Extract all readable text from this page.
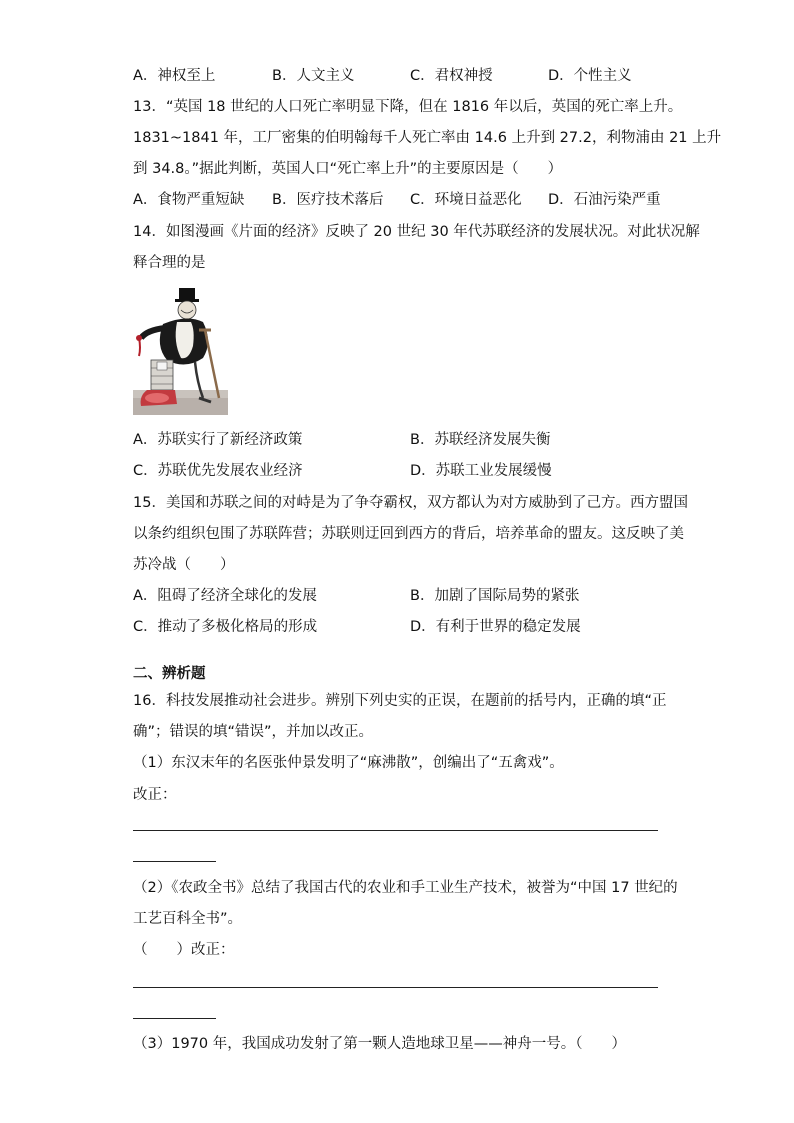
A．神权至上	B．人文主义	C．君权神授	D．个性主义
13．“英国 18 世纪的人口死亡率明显下降，但在 1816 年以后，英国的死亡率上升。
1831~1841 年，工厂密集的伯明翰每千人死亡率由 14.6 上升到 27.2，利物浦由 21 上升
到 34.8。”据此判断，英国人口“死亡率上升”的主要原因是（　　）
A．食物严重短缺 B．医疗技术落后 C．环境日益恶化 D．石油污染严重
14．如图漫画《片面的经济》反映了 20 世纪 30 年代苏联经济的发展状况。对此状况解
释合理的是
A．苏联实行了新经济政策	B．苏联经济发展失衡
C．苏联优先发展农业经济	D．苏联工业发展缓慢
15．美国和苏联之间的对峙是为了争夺霸权，双方都认为对方威胁到了己方。西方盟国
以条约组织包围了苏联阵营；苏联则迂回到西方的背后，培养革命的盟友。这反映了美
苏冷战（　　）
A．阻碍了经济全球化的发展	B．加剧了国际局势的紧张
C．推动了多极化格局的形成	D．有利于世界的稳定发展
二、辨析题
16．科技发展推动社会进步。辨别下列史实的正误，在题前的括号内，正确的填“正
确”；错误的填“错误”，并加以改正。
（1）东汉末年的名医张仲景发明了“麻沸散”，创编出了“五禽戏”。
改正：
（2）《农政全书》总结了我国古代的农业和手工业生产技术，被誉为“中国 17 世纪的
工艺百科全书”。
（　　）改正：
（3）1970 年，我国成功发射了第一颗人造地球卫星——神舟一号。（　　）
